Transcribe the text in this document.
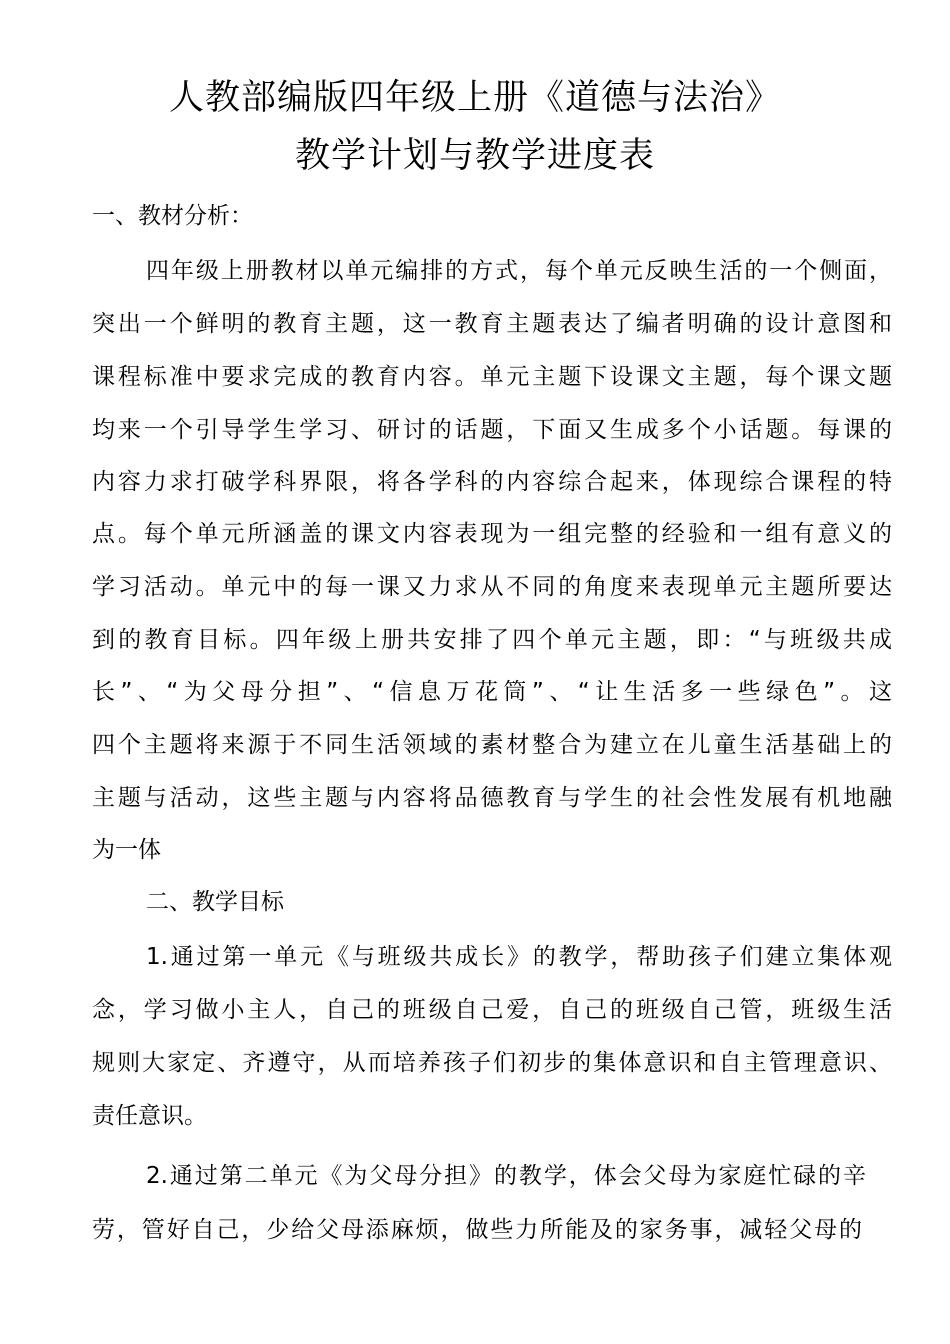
人教部编版四年级上册《道德与法治》
教学计划与教学进度表
一、教材分析：
四年级上册教材以单元编排的方式，每个单元反映生活的一个侧面，
突出一个鲜明的教育主题，这一教育主题表达了编者明确的设计意图和
课程标准中要求完成的教育内容。单元主题下设课文主题，每个课文题
均来一个引导学生学习、研讨的话题，下面又生成多个小话题。每课的
内容力求打破学科界限，将各学科的内容综合起来，体现综合课程的特
点。每个单元所涵盖的课文内容表现为一组完整的经验和一组有意义的
学习活动。单元中的每一课又力求从不同的角度来表现单元主题所要达
到的教育目标。四年级上册共安排了四个单元主题，即：“与班级共成
长”、“为父母分担”、“信息万花筒”、“让生活多一些绿色”。这
四个主题将来源于不同生活领域的素材整合为建立在儿童生活基础上的
主题与活动，这些主题与内容将品德教育与学生的社会性发展有机地融
为一体
二、教学目标
1.通过第一单元《与班级共成长》的教学，帮助孩子们建立集体观
念，学习做小主人，自己的班级自己爱，自己的班级自己管，班级生活
规则大家定、齐遵守，从而培养孩子们初步的集体意识和自主管理意识、
责任意识。
2.通过第二单元《为父母分担》的教学，体会父母为家庭忙碌的辛
劳，管好自己，少给父母添麻烦，做些力所能及的家务事，减轻父母的
